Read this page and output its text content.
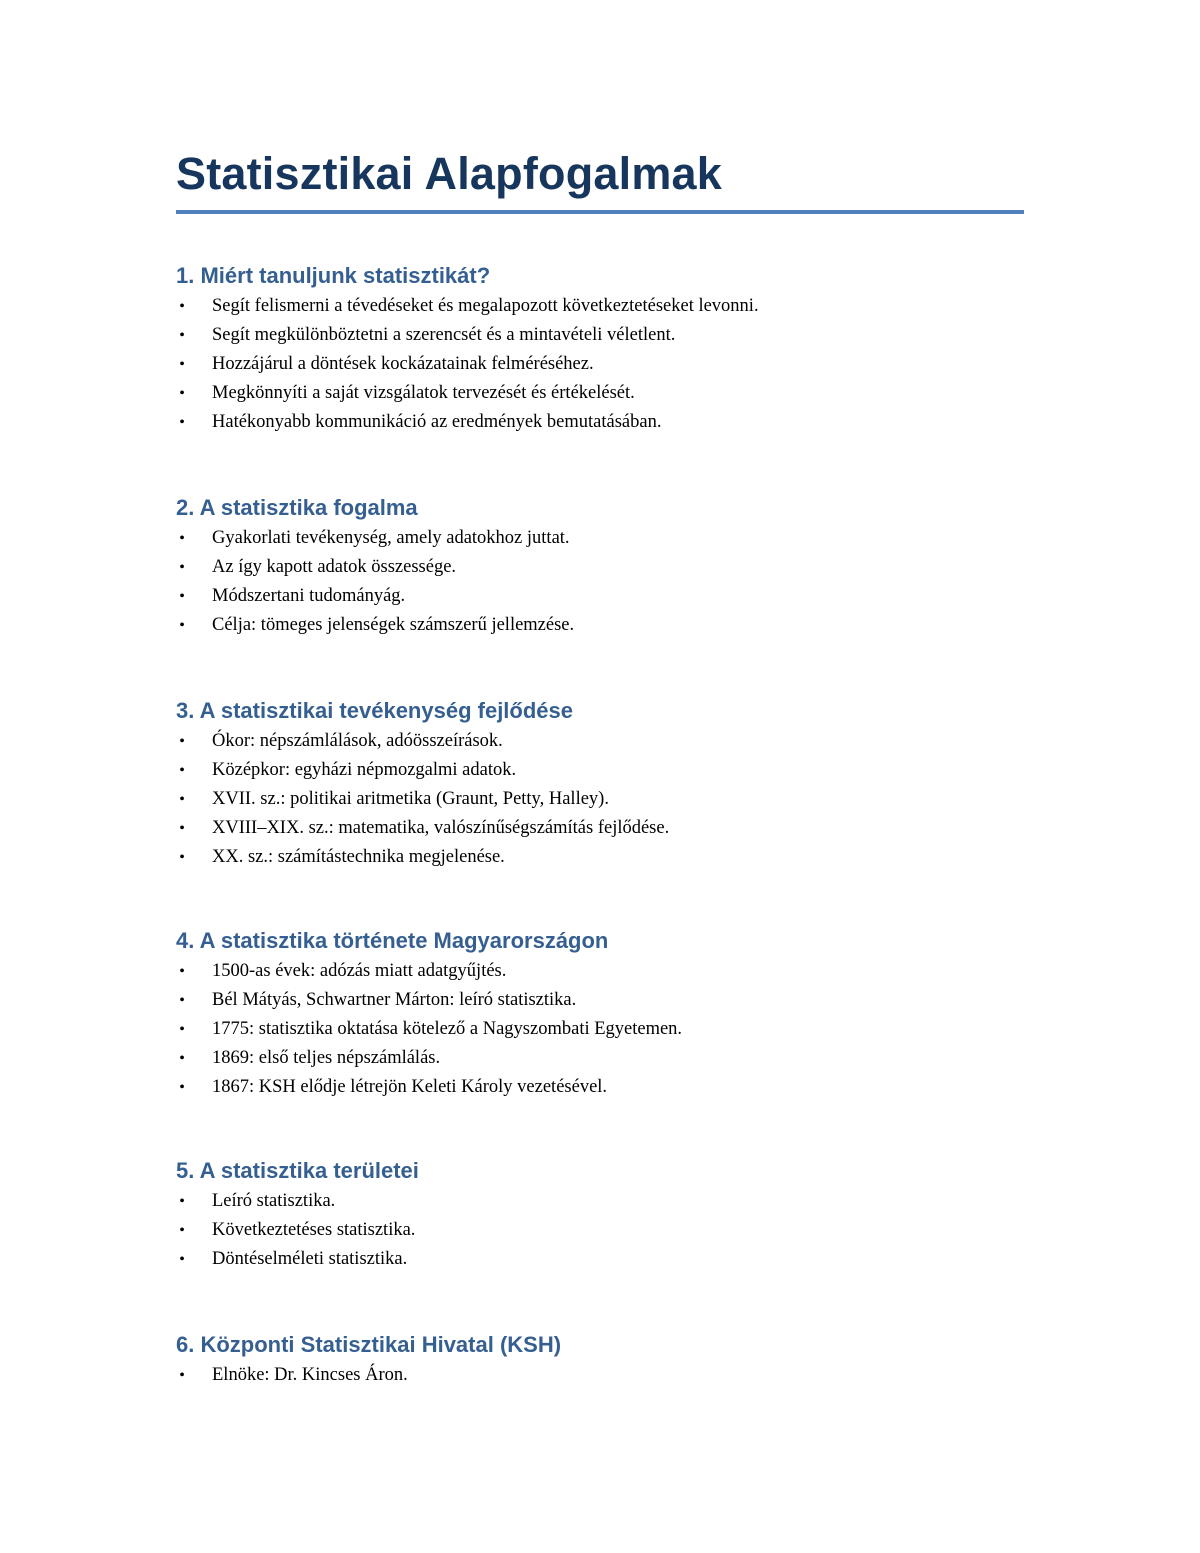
Statisztikai Alapfogalmak
1. Miért tanuljunk statisztikát?
• Segít felismerni a tévedéseket és megalapozott következtetéseket levonni.
• Segít megkülönböztetni a szerencsét és a mintavételi véletlent.
• Hozzájárul a döntések kockázatainak felméréséhez.
• Megkönnyíti a saját vizsgálatok tervezését és értékelését.
• Hatékonyabb kommunikáció az eredmények bemutatásában.
2. A statisztika fogalma
• Gyakorlati tevékenység, amely adatokhoz juttat.
• Az így kapott adatok összessége.
• Módszertani tudományág.
• Célja: tömeges jelenségek számszerű jellemzése.
3. A statisztikai tevékenység fejlődése
• Ókor: népszámlálások, adóösszeírások.
• Középkor: egyházi népmozgalmi adatok.
• XVII. sz.: politikai aritmetika (Graunt, Petty, Halley).
• XVIII–XIX. sz.: matematika, valószínűségszámítás fejlődése.
• XX. sz.: számítástechnika megjelenése.
4. A statisztika története Magyarországon
• 1500-as évek: adózás miatt adatgyűjtés.
• Bél Mátyás, Schwartner Márton: leíró statisztika.
• 1775: statisztika oktatása kötelező a Nagyszombati Egyetemen.
• 1869: első teljes népszámlálás.
• 1867: KSH elődje létrejön Keleti Károly vezetésével.
5. A statisztika területei
• Leíró statisztika.
• Következtetéses statisztika.
• Döntéselméleti statisztika.
6. Központi Statisztikai Hivatal (KSH)
• Elnöke: Dr. Kincses Áron.
